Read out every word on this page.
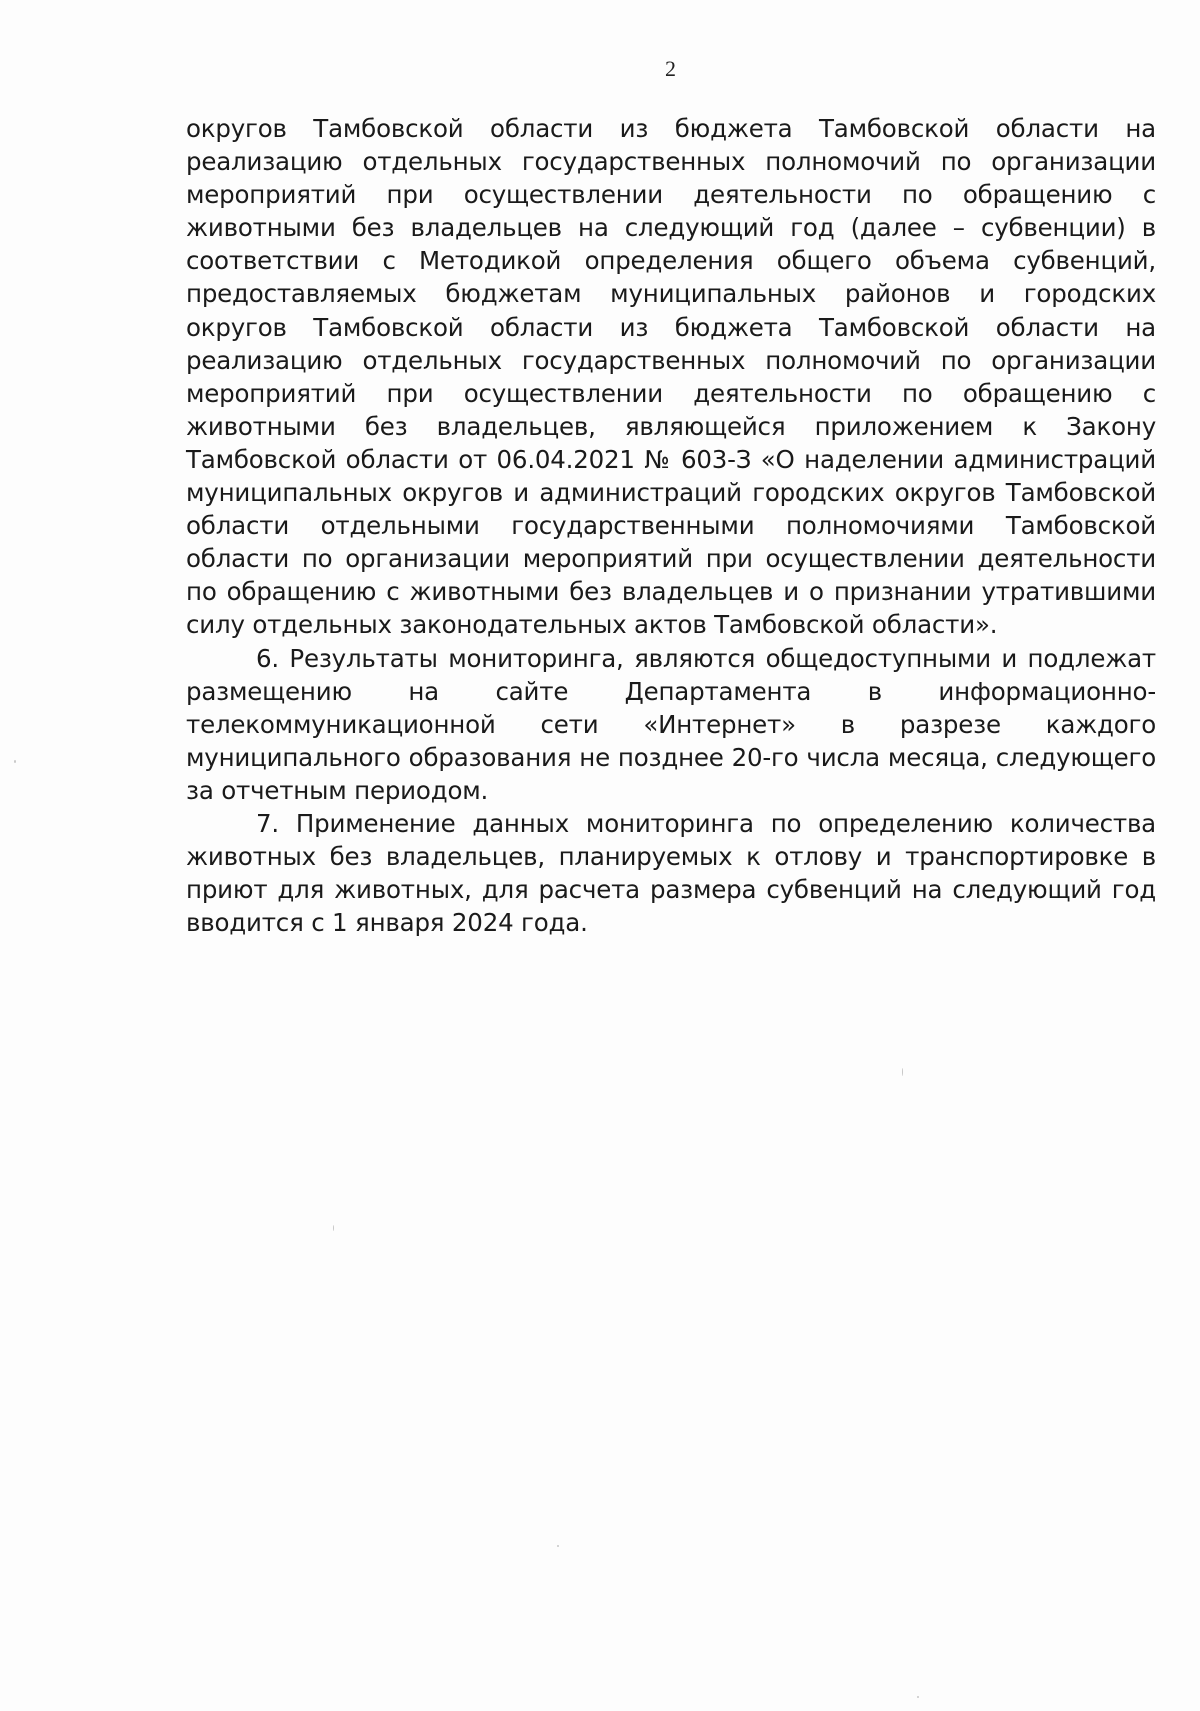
2

округов Тамбовской области из бюджета Тамбовской области на реализацию отдельных государственных полномочий по организации мероприятий при осуществлении деятельности по обращению с животными без владельцев на следующий год (далее – субвенции) в соответствии с Методикой определения общего объема субвенций, предоставляемых бюджетам муниципальных районов и городских округов Тамбовской области из бюджета Тамбовской области на реализацию отдельных государственных полномочий по организации мероприятий при осуществлении деятельности по обращению с животными без владельцев, являющейся приложением к Закону Тамбовской области от 06.04.2021 № 603-З «О наделении администраций муниципальных округов и администраций городских округов Тамбовской области отдельными государственными полномочиями Тамбовской области по организации мероприятий при осуществлении деятельности по обращению с животными без владельцев и о признании утратившими силу отдельных законодательных актов Тамбовской области».

6. Результаты мониторинга, являются общедоступными и подлежат размещению на сайте Департамента в информационно-телекоммуникационной сети «Интернет» в разрезе каждого муниципального образования не позднее 20-го числа месяца, следующего за отчетным периодом.

7. Применение данных мониторинга по определению количества животных без владельцев, планируемых к отлову и транспортировке в приют для животных, для расчета размера субвенций на следующий год вводится с 1 января 2024 года.
